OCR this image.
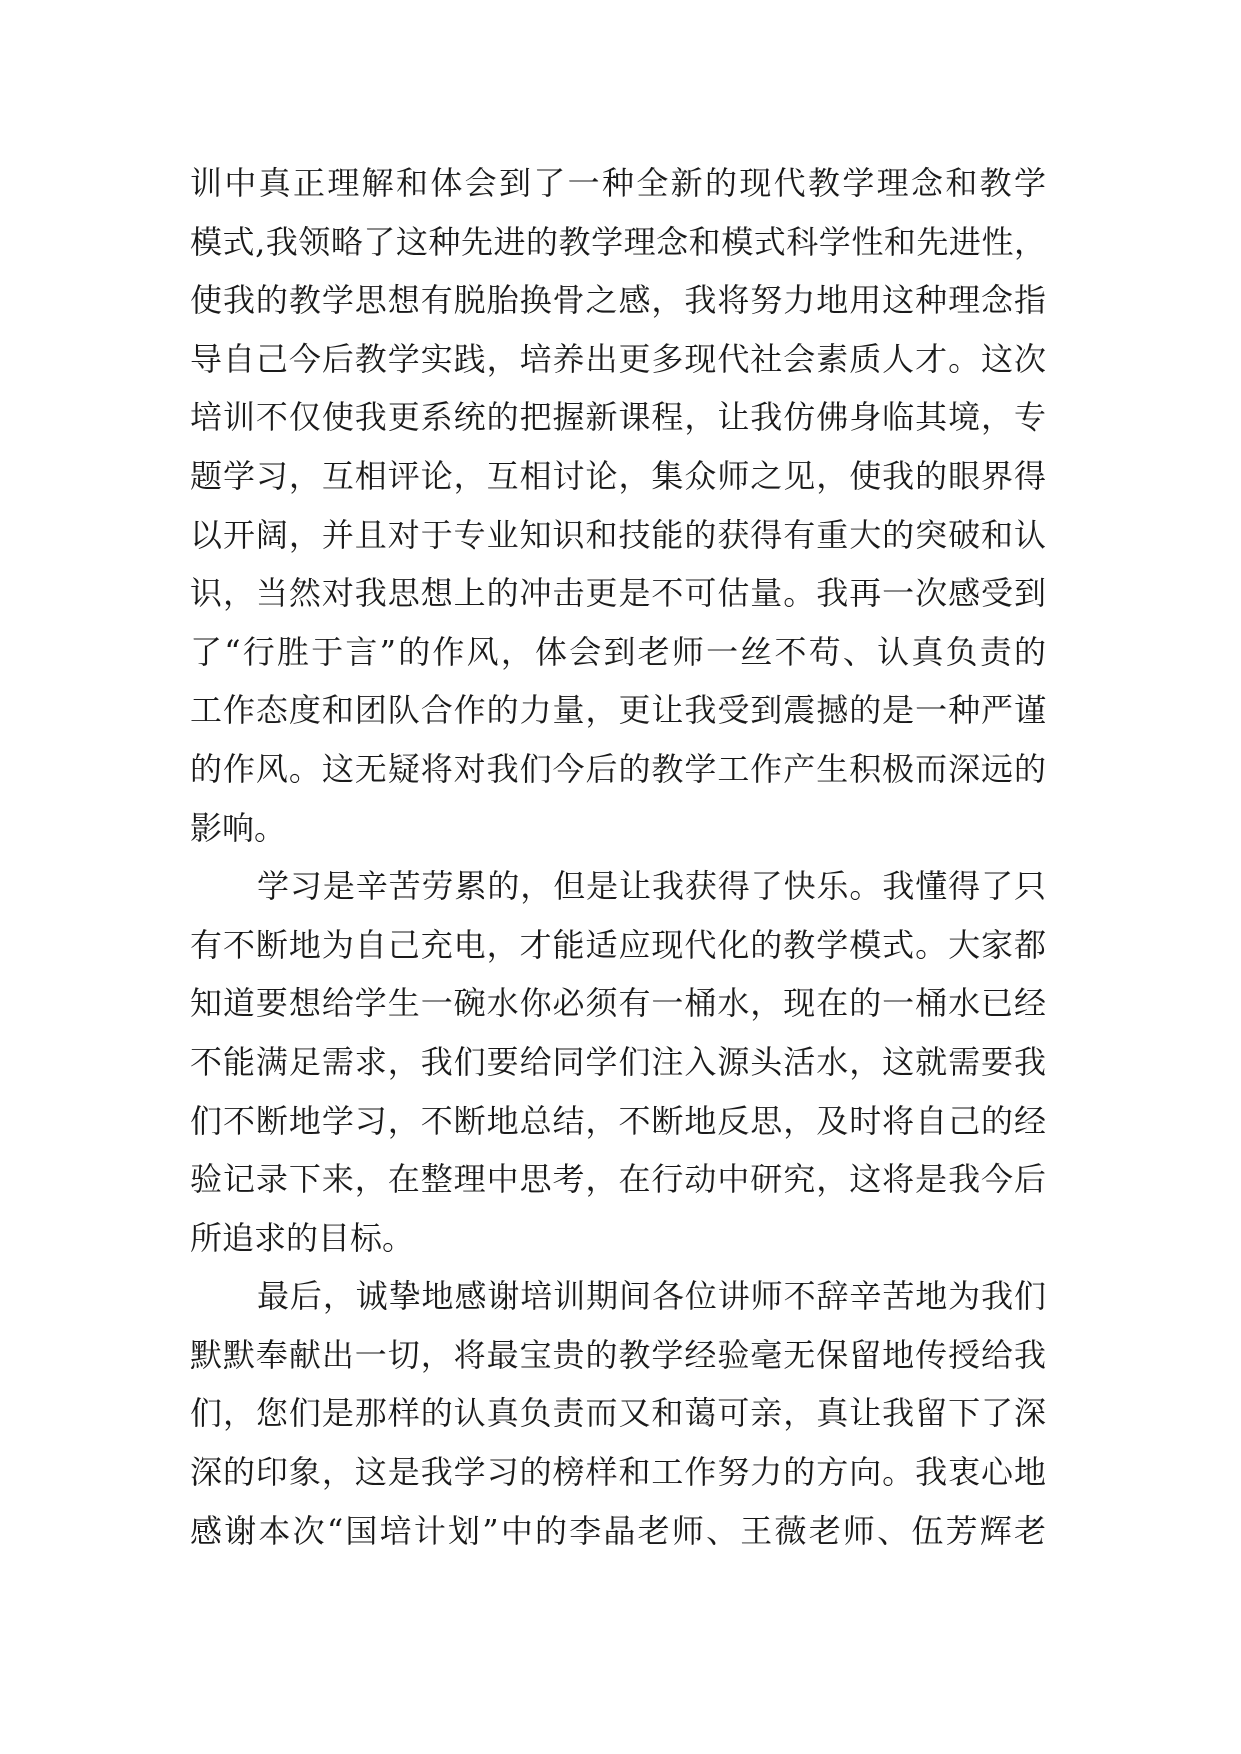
训中真正理解和体会到了一种全新的现代教学理念和教学
模式,我领略了这种先进的教学理念和模式科学性和先进性，
使我的教学思想有脱胎换骨之感，我将努力地用这种理念指
导自己今后教学实践，培养出更多现代社会素质人才。这次
培训不仅使我更系统的把握新课程，让我仿佛身临其境，专
题学习，互相评论，互相讨论，集众师之见，使我的眼界得
以开阔，并且对于专业知识和技能的获得有重大的突破和认
识，当然对我思想上的冲击更是不可估量。我再一次感受到
了“行胜于言”的作风，体会到老师一丝不苟、认真负责的
工作态度和团队合作的力量，更让我受到震撼的是一种严谨
的作风。这无疑将对我们今后的教学工作产生积极而深远的
影响。
学习是辛苦劳累的，但是让我获得了快乐。我懂得了只
有不断地为自己充电，才能适应现代化的教学模式。大家都
知道要想给学生一碗水你必须有一桶水，现在的一桶水已经
不能满足需求，我们要给同学们注入源头活水，这就需要我
们不断地学习，不断地总结，不断地反思，及时将自己的经
验记录下来，在整理中思考，在行动中研究，这将是我今后
所追求的目标。
最后，诚挚地感谢培训期间各位讲师不辞辛苦地为我们
默默奉献出一切，将最宝贵的教学经验毫无保留地传授给我
们，您们是那样的认真负责而又和蔼可亲，真让我留下了深
深的印象，这是我学习的榜样和工作努力的方向。我衷心地
感谢本次“国培计划”中的李晶老师、王薇老师、伍芳辉老
